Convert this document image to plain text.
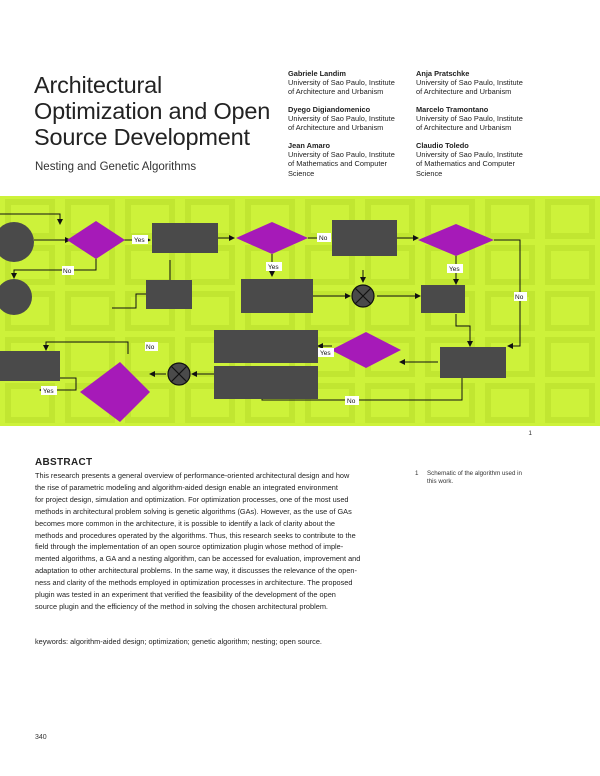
Architectural
Optimization and Open
Source Development
Nesting and Genetic Algorithms
Gabriele Landim
University of Sao Paulo, Institute
of Architecture and Urbanism
Dyego Digiandomenico
University of Sao Paulo, Institute
of Architecture and Urbanism
Jean Amaro
University of Sao Paulo, Institute
of Mathematics and Computer
Science
Anja Pratschke
University of Sao Paulo, Institute
of Architecture and Urbanism
Marcelo Tramontano
University of Sao Paulo, Institute
of Architecture and Urbanism
Claudio Toledo
University of Sao Paulo, Institute
of Mathematics and Computer
Science
Yes	No
No
Yes	Yes
No
No
Yes
Yes
No
1
ABSTRACT

This research presents a general overview of performance-oriented architectural design and how

the rise of parametric modeling and algorithm-aided design enable an integrated environment

for project design, simulation and optimization. For optimization processes, one of the most used

methods in architectural problem solving is genetic algorithms (GAs). However, as the use of GAs

becomes more common in the architecture, it is possible to identify a lack of clarity about the

methods and procedures operated by the algorithms. Thus, this research seeks to contribute to the

field through the implementation of an open source optimization plugin whose method of imple-

mented algorithms, a GA and a nesting algorithm, can be accessed for evaluation, improvement and

adaptation to other architectural problems. In the same way, it discusses the relevance of the open-

ness and clarity of the methods employed in optimization processes in architecture. The proposed

plugin was tested in an experiment that verified the feasibility of the development of the open

source plugin and the efficiency of the method in solving the chosen architectural problem.

1 Schematic of the algorithm used in
this work.
keywords: algorithm-aided design; optimization; genetic algorithm; nesting; open source.
340
